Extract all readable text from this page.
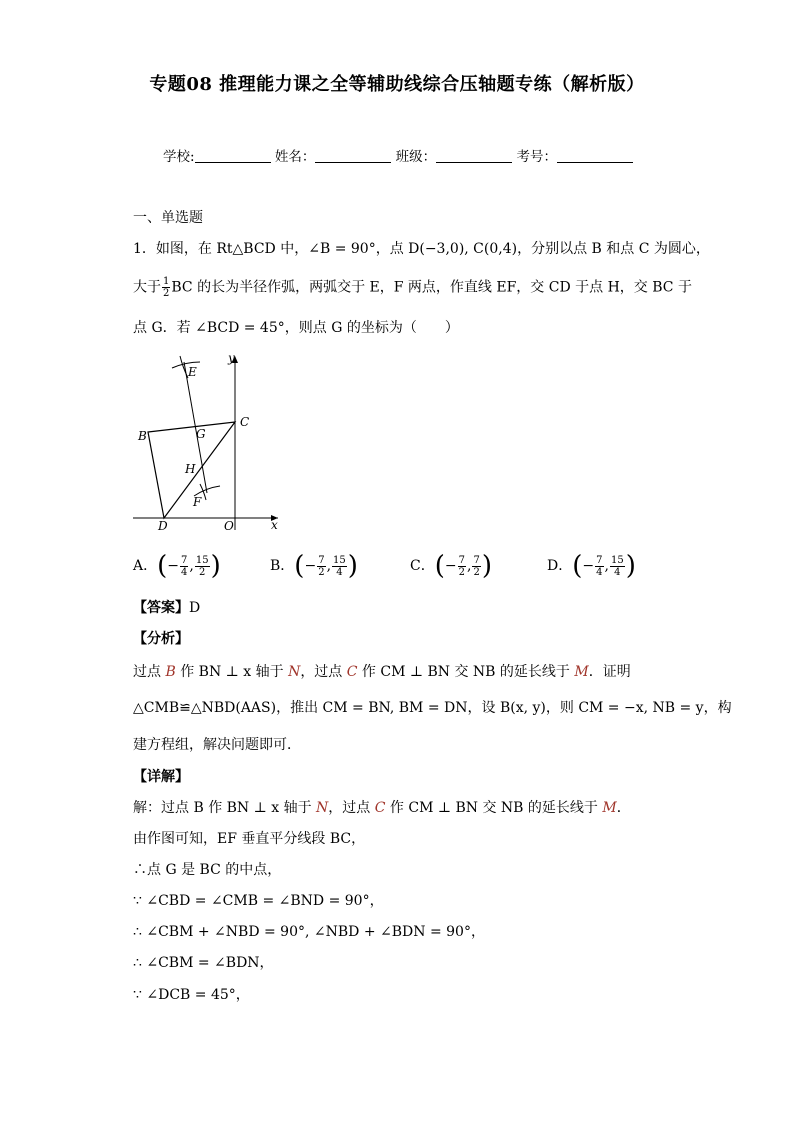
专题08 推理能力课之全等辅助线综合压轴题专练（解析版）
学校:	姓名：	班级：	考号：
一、单选题
1．如图，在 Rt△BCD 中，∠B = 90°，点 D(−3,0), C(0,4)，分别以点 B 和点 C 为圆心，
大于 $\frac{1}{2}$ BC 的长为半径作弧，两弧交于 E，F 两点，作直线 EF，交 CD 于点 H，交 BC 于
点 G．若 ∠BCD = 45°，则点 G 的坐标为（　　）
y
x
E
C
B	G
H
F
D	O
A．(− $\frac{7}{4}$ , $\frac{15}{2}$ )	B．(− $\frac{7}{2}$ , $\frac{15}{4}$ )	C．(− $\frac{7}{2}$ , $\frac{7}{2}$ )	D．(− $\frac{7}{4}$ , $\frac{15}{4}$ )
【答案】D
【分析】
过点 B 作 BN ⊥ x 轴于 N，过点 C 作 CM ⊥ BN 交 NB 的延长线于 M．证明
△CMB≌△NBD(AAS)，推出 CM = BN, BM = DN，设 B(x, y)，则 CM = −x, NB = y，构
建方程组，解决问题即可．
【详解】
解：过点 B 作 BN ⊥ x 轴于 N，过点 C 作 CM ⊥ BN 交 NB 的延长线于 M．
由作图可知，EF 垂直平分线段 BC，
∴点 G 是 BC 的中点，
∵ ∠CBD = ∠CMB = ∠BND = 90°，
∴ ∠CBM + ∠NBD = 90°, ∠NBD + ∠BDN = 90°，
∴ ∠CBM = ∠BDN，
∵ ∠DCB = 45°，
